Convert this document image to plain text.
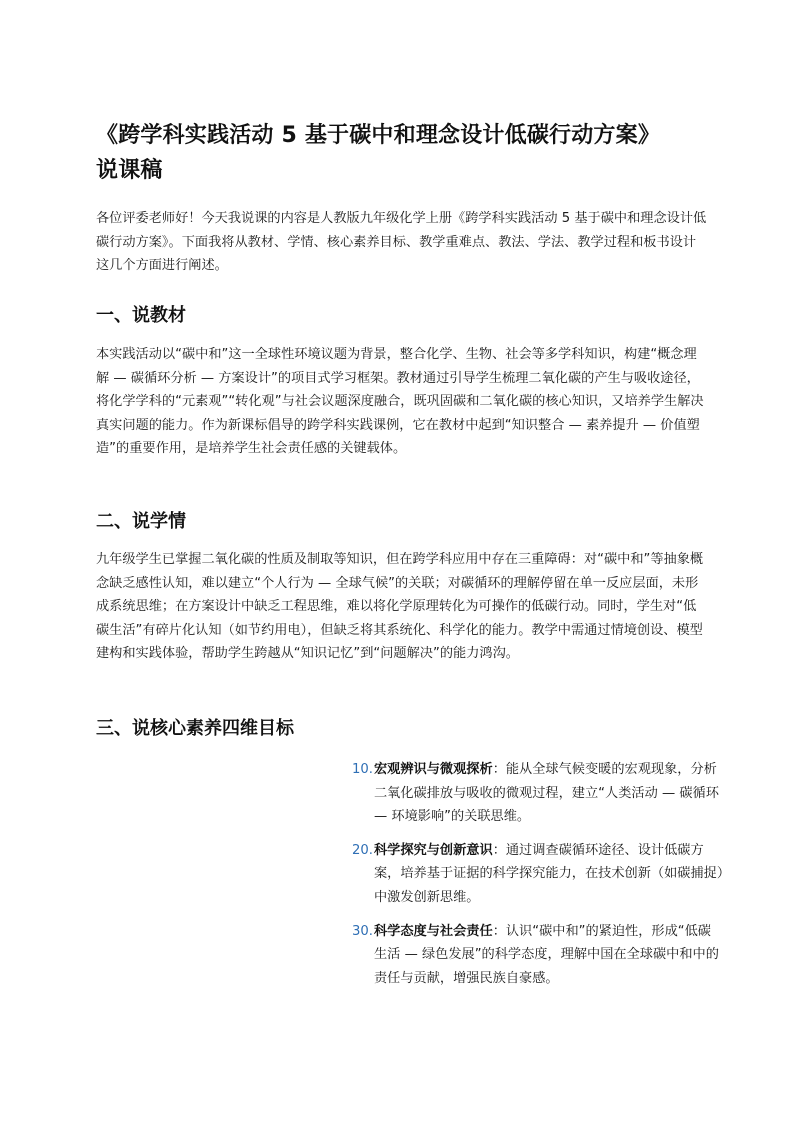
《跨学科实践活动 5 基于碳中和理念设计低碳行动方案》
说课稿

各位评委老师好！今天我说课的内容是人教版九年级化学上册《跨学科实践活动 5 基于碳中和理念设计低碳行动方案》。下面我将从教材、学情、核心素养目标、教学重难点、教法、学法、教学过程和板书设计这几个方面进行阐述。

一、说教材

本实践活动以“碳中和”这一全球性环境议题为背景，整合化学、生物、社会等多学科知识，构建“概念理解 — 碳循环分析 — 方案设计”的项目式学习框架。教材通过引导学生梳理二氧化碳的产生与吸收途径，将化学学科的“元素观”“转化观”与社会议题深度融合，既巩固碳和二氧化碳的核心知识，又培养学生解决真实问题的能力。作为新课标倡导的跨学科实践课例，它在教材中起到“知识整合 — 素养提升 — 价值塑造”的重要作用，是培养学生社会责任感的关键载体。

二、说学情

九年级学生已掌握二氧化碳的性质及制取等知识，但在跨学科应用中存在三重障碍：对“碳中和”等抽象概念缺乏感性认知，难以建立“个人行为 — 全球气候”的关联；对碳循环的理解停留在单一反应层面，未形成系统思维；在方案设计中缺乏工程思维，难以将化学原理转化为可操作的低碳行动。同时，学生对“低碳生活”有碎片化认知（如节约用电），但缺乏将其系统化、科学化的能力。教学中需通过情境创设、模型建构和实践体验，帮助学生跨越从“知识记忆”到“问题解决”的能力鸿沟。

三、说核心素养四维目标
10. 宏观辨识与微观探析：能从全球气候变暖的宏观现象，分析二氧化碳排放与吸收的微观过程，建立“人类活动 — 碳循环 — 环境影响”的关联思维。
20. 科学探究与创新意识：通过调查碳循环途径、设计低碳方案，培养基于证据的科学探究能力，在技术创新（如碳捕捉）中激发创新思维。
30. 科学态度与社会责任：认识“碳中和”的紧迫性，形成“低碳生活 — 绿色发展”的科学态度，理解中国在全球碳中和中的责任与贡献，增强民族自豪感。
